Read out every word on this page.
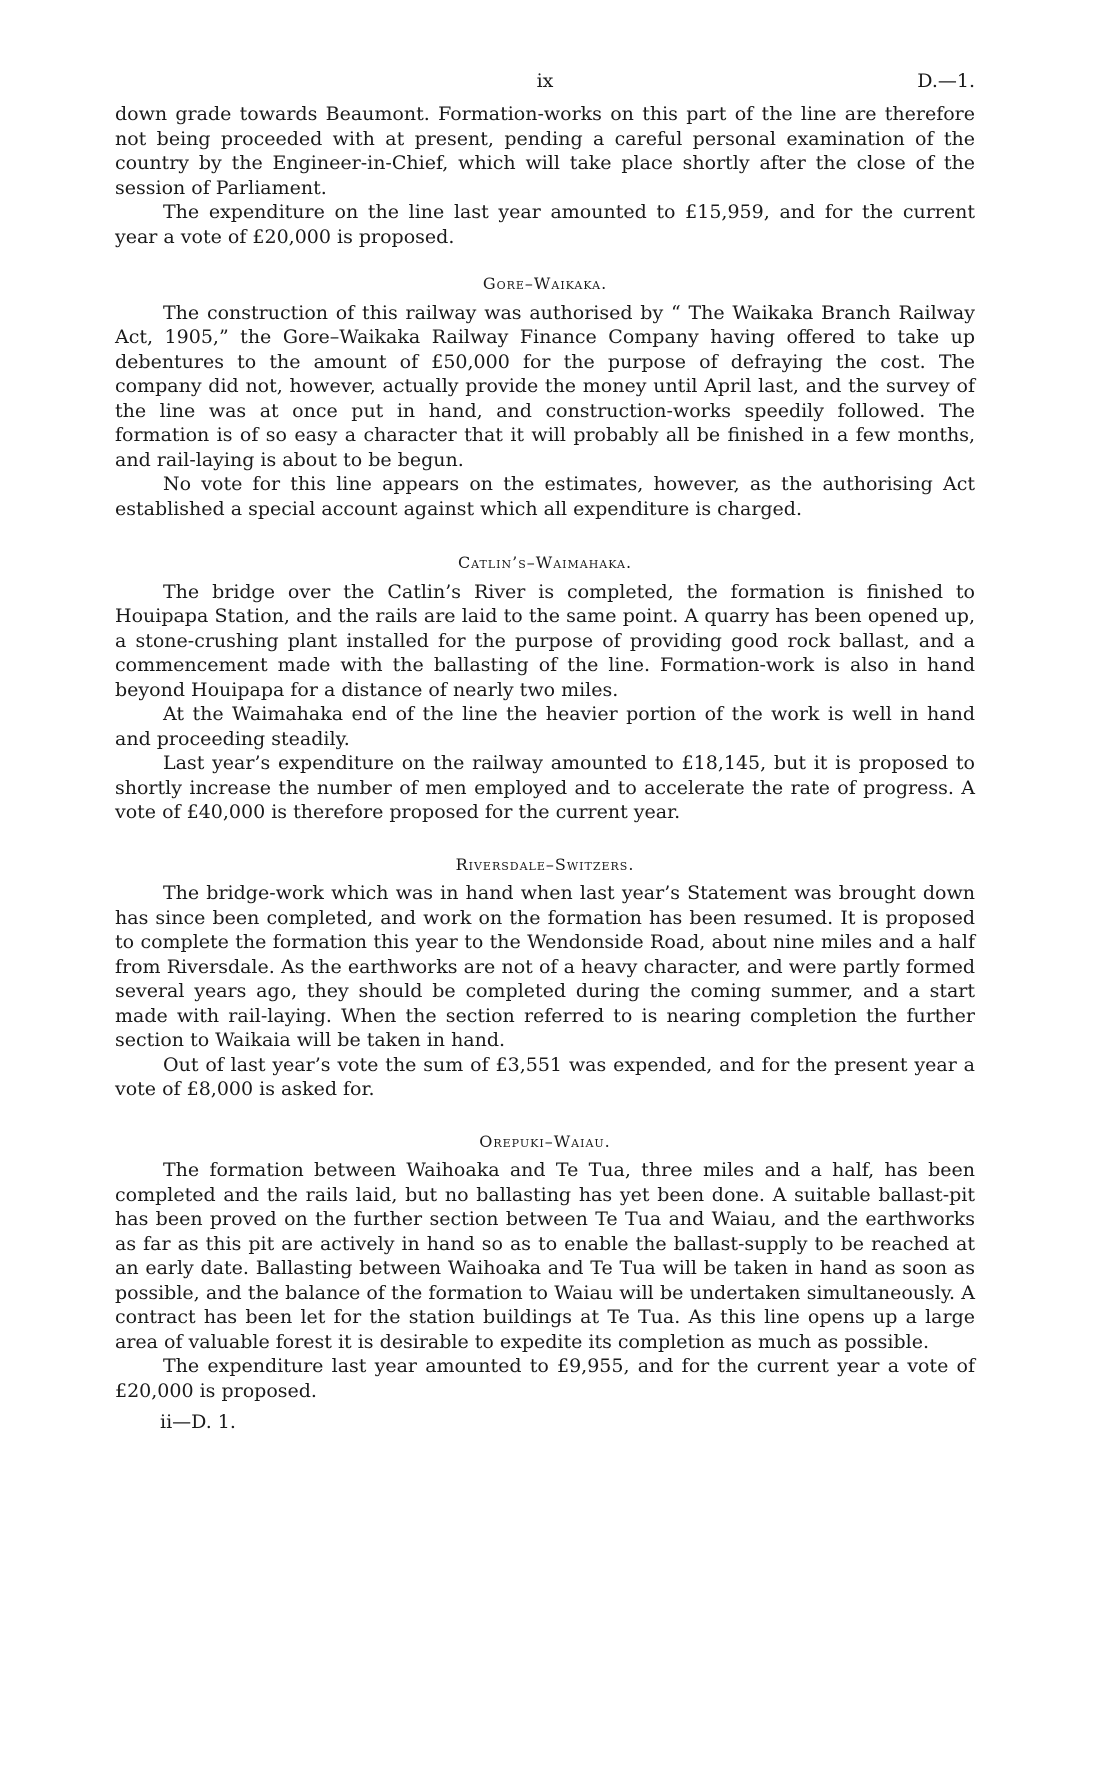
ix	D.—1.

down grade towards Beaumont. Formation-works on this part of the line are therefore not being proceeded with at present, pending a careful personal examination of the country by the Engineer-in-Chief, which will take place shortly after the close of the session of Parliament.

The expenditure on the line last year amounted to £15,959, and for the current year a vote of £20,000 is proposed.

Gore–Waikaka.

The construction of this railway was authorised by “ The Waikaka Branch Railway Act, 1905,” the Gore–Waikaka Railway Finance Company having offered to take up debentures to the amount of £50,000 for the purpose of defraying the cost. The company did not, however, actually provide the money until April last, and the survey of the line was at once put in hand, and construction-works speedily followed. The formation is of so easy a character that it will probably all be finished in a few months, and rail-laying is about to be begun.

No vote for this line appears on the estimates, however, as the authorising Act established a special account against which all expenditure is charged.

Catlin’s–Waimahaka.

The bridge over the Catlin’s River is completed, the formation is finished to Houipapa Station, and the rails are laid to the same point. A quarry has been opened up, a stone-crushing plant installed for the purpose of providing good rock ballast, and a commencement made with the ballasting of the line. Formation-work is also in hand beyond Houipapa for a distance of nearly two miles.

At the Waimahaka end of the line the heavier portion of the work is well in hand and proceeding steadily.

Last year’s expenditure on the railway amounted to £18,145, but it is proposed to shortly increase the number of men employed and to accelerate the rate of progress. A vote of £40,000 is therefore proposed for the current year.

Riversdale–Switzers.

The bridge-work which was in hand when last year’s Statement was brought down has since been completed, and work on the formation has been resumed. It is proposed to complete the formation this year to the Wendonside Road, about nine miles and a half from Riversdale. As the earthworks are not of a heavy character, and were partly formed several years ago, they should be completed during the coming summer, and a start made with rail-laying. When the section referred to is nearing completion the further section to Waikaia will be taken in hand.

Out of last year’s vote the sum of £3,551 was expended, and for the present year a vote of £8,000 is asked for.

Orepuki–Waiau.

The formation between Waihoaka and Te Tua, three miles and a half, has been completed and the rails laid, but no ballasting has yet been done. A suitable ballast-pit has been proved on the further section between Te Tua and Waiau, and the earthworks as far as this pit are actively in hand so as to enable the ballast-supply to be reached at an early date. Ballasting between Waihoaka and Te Tua will be taken in hand as soon as possible, and the balance of the formation to Waiau will be undertaken simultaneously. A contract has been let for the station buildings at Te Tua. As this line opens up a large area of valuable forest it is desirable to expedite its completion as much as possible.

The expenditure last year amounted to £9,955, and for the current year a vote of £20,000 is proposed.

ii—D. 1.
